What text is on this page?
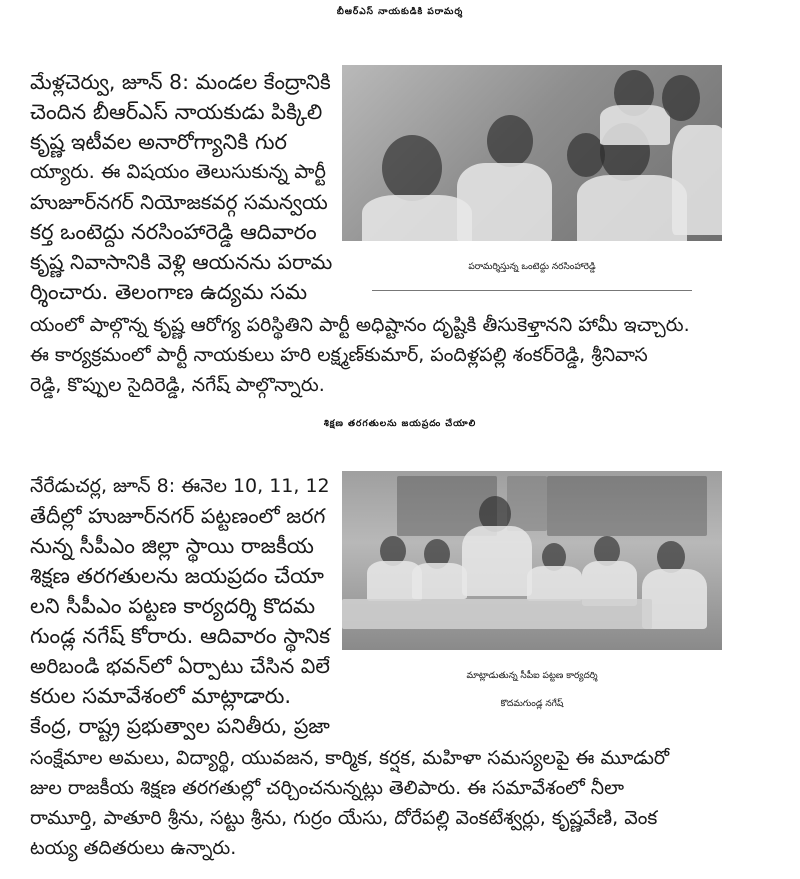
బీఆర్ఎస్ నాయకుడికి పరామర్శ
మేళ్లచెర్వు, జూన్ 8: మండల కేంద్రానికి
చెందిన బీఆర్ఎస్ నాయకుడు పిక్కిలి
కృష్ణ ఇటీవల అనారోగ్యానికి గుర
య్యారు. ఈ విషయం తెలుసుకున్న పార్టీ
హుజూర్‌నగర్ నియోజకవర్గ సమన్వయ
కర్త ఒంటెద్దు నరసింహారెడ్డి ఆదివారం
కృష్ణ నివాసానికి వెళ్లి ఆయనను పరామ
ర్శించారు. తెలంగాణ ఉద్యమ సమ
యంలో పాల్గొన్న కృష్ణ ఆరోగ్య పరిస్థితిని పార్టీ అధిష్టానం దృష్టికి తీసుకెళ్తానని హామీ ఇచ్చారు.
ఈ కార్యక్రమంలో పార్టీ నాయకులు హరి లక్ష్మణ్‌కుమార్, పందిళ్లపల్లి శంకర్‌రెడ్డి, శ్రీనివాస
రెడ్డి, కొప్పుల సైదిరెడ్డి, నగేష్ పాల్గొన్నారు.
పరామర్శిస్తున్న ఒంటెద్దు నరసింహారెడ్డి
శిక్షణ తరగతులను జయప్రదం చేయాలి
నేరేడుచర్ల, జూన్ 8: ఈనెల 10, 11, 12
తేదీల్లో హుజూర్‌నగర్ పట్టణంలో జరగ
నున్న సీపీఎం జిల్లా స్థాయి రాజకీయ
శిక్షణ తరగతులను జయప్రదం చేయా
లని సీపీఎం పట్టణ కార్యదర్శి కొదమ
గుండ్ల నగేష్ కోరారు. ఆదివారం స్థానిక
అరిబండి భవన్‌లో ఏర్పాటు చేసిన విలే
కరుల సమావేశంలో మాట్లాడారు.
కేంద్ర, రాష్ట్ర ప్రభుత్వాల పనితీరు, ప్రజా
సంక్షేమాల అమలు, విద్యార్థి, యువజన, కార్మిక, కర్షక, మహిళా సమస్యలపై ఈ మూడురో
జుల రాజకీయ శిక్షణ తరగతుల్లో చర్చించనున్నట్లు తెలిపారు. ఈ సమావేశంలో నీలా
రామూర్తి, పాతూరి శ్రీను, సట్టు శ్రీను, గుర్రం యేసు, దోరేపల్లి వెంకటేశ్వర్లు, కృష్ణవేణి, వెంక
టయ్య తదితరులు ఉన్నారు.
మాట్లాడుతున్న సీపీఐ పట్టణ కార్యదర్శి
కొదమగుండ్ల నగేష్
